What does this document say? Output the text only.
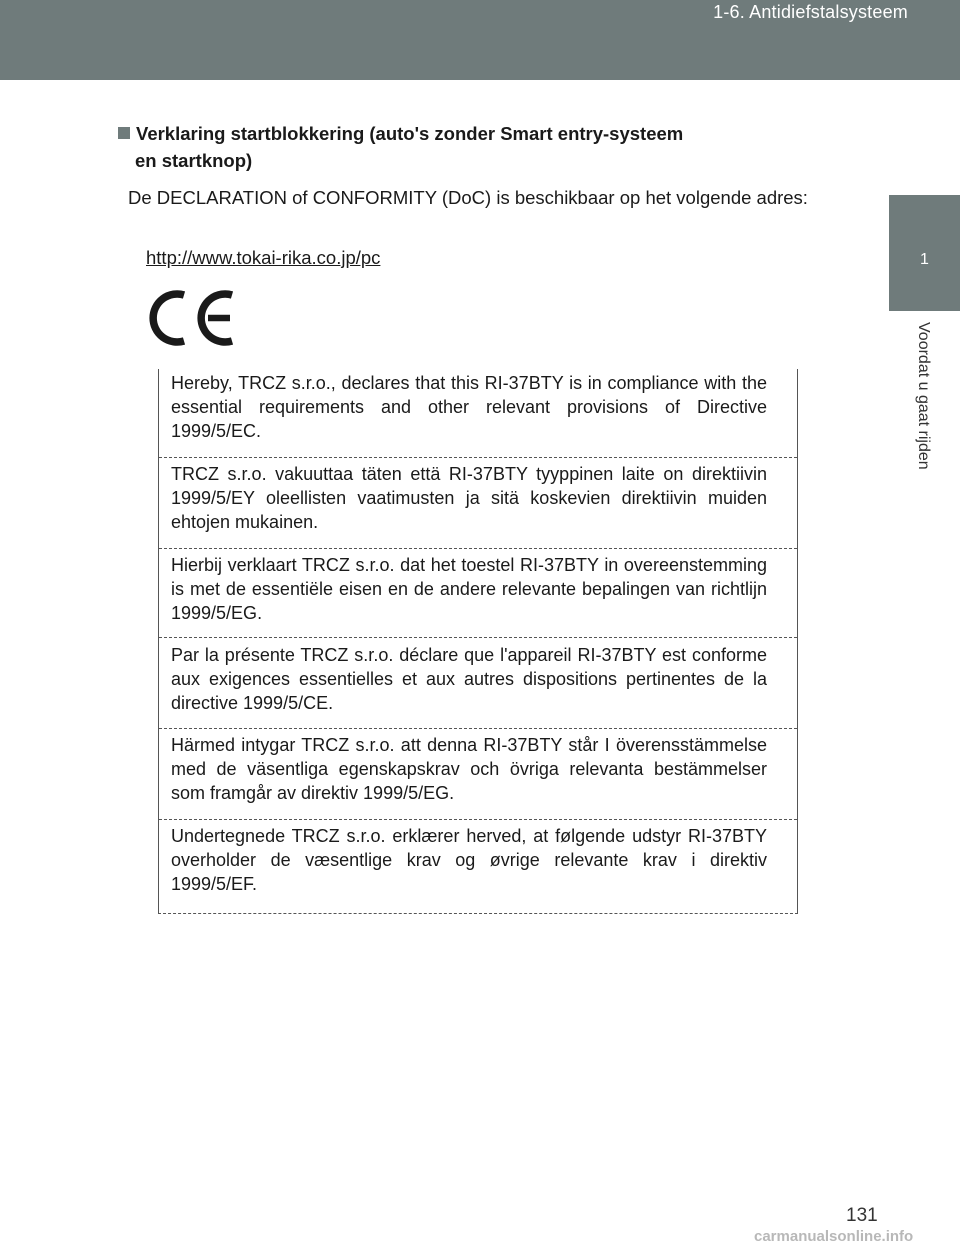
1-6. Antidiefstalsysteem
1
Voordat u gaat rijden
Verklaring startblokkering (auto's zonder Smart entry-systeem
en startknop)
De DECLARATION of CONFORMITY (DoC) is beschikbaar op het volgende adres:
http://www.tokai-rika.co.jp/pc
Hereby, TRCZ s.r.o., declares that this RI-37BTY is in compliance with the essential requirements and other relevant provisions of Directive 1999/5/EC.
TRCZ s.r.o. vakuuttaa täten että RI-37BTY tyyppinen laite on direktiivin 1999/5/EY oleellisten vaatimusten ja sitä koskevien direktiivin muiden ehtojen mukainen.
Hierbij verklaart TRCZ s.r.o. dat het toestel RI-37BTY in overeenstemming is met de essentiële eisen en de andere relevante bepalingen van richtlijn 1999/5/EG.
Par la présente TRCZ s.r.o. déclare que l'appareil RI-37BTY est conforme aux exigences essentielles et aux autres dispositions pertinentes de la directive 1999/5/CE.
Härmed intygar TRCZ s.r.o. att denna RI-37BTY står I överensstämmelse med de väsentliga egenskapskrav och övriga relevanta bestämmelser som framgår av direktiv 1999/5/EG.
Undertegnede TRCZ s.r.o. erklærer herved, at følgende udstyr RI-37BTY overholder de væsentlige krav og øvrige relevante krav i direktiv 1999/5/EF.
131
carmanualsonline.info
